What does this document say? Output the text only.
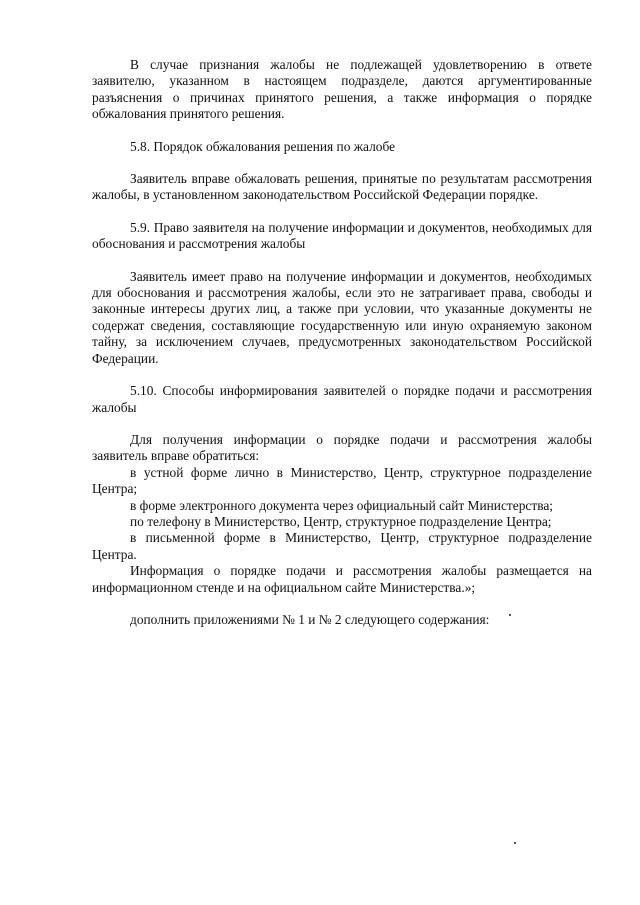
В случае признания жалобы не подлежащей удовлетворению в ответе заявителю, указанном в настоящем подразделе, даются аргументированные разъяснения о причинах принятого решения, а также информация о порядке обжалования принятого решения.

5.8. Порядок обжалования решения по жалобе

Заявитель вправе обжаловать решения, принятые по результатам рассмотрения жалобы, в установленном законодательством Российской Федерации порядке.

5.9. Право заявителя на получение информации и документов, необходимых для обоснования и рассмотрения жалобы

Заявитель имеет право на получение информации и документов, необходимых для обоснования и рассмотрения жалобы, если это не затрагивает права, свободы и законные интересы других лиц, а также при условии, что указанные документы не содержат сведения, составляющие государственную или иную охраняемую законом тайну, за исключением случаев, предусмотренных законодательством Российской Федерации.

5.10. Способы информирования заявителей о порядке подачи и рассмотрения жалобы

Для получения информации о порядке подачи и рассмотрения жалобы заявитель вправе обратиться:

в устной форме лично в Министерство, Центр, структурное подразделение Центра;

в форме электронного документа через официальный сайт Министерства;

по телефону в Министерство, Центр, структурное подразделение Центра;

в письменной форме в Министерство, Центр, структурное подразделение Центра.

Информация о порядке подачи и рассмотрения жалобы размещается на информационном стенде и на официальном сайте Министерства.»;

дополнить приложениями № 1 и № 2 следующего содержания:
